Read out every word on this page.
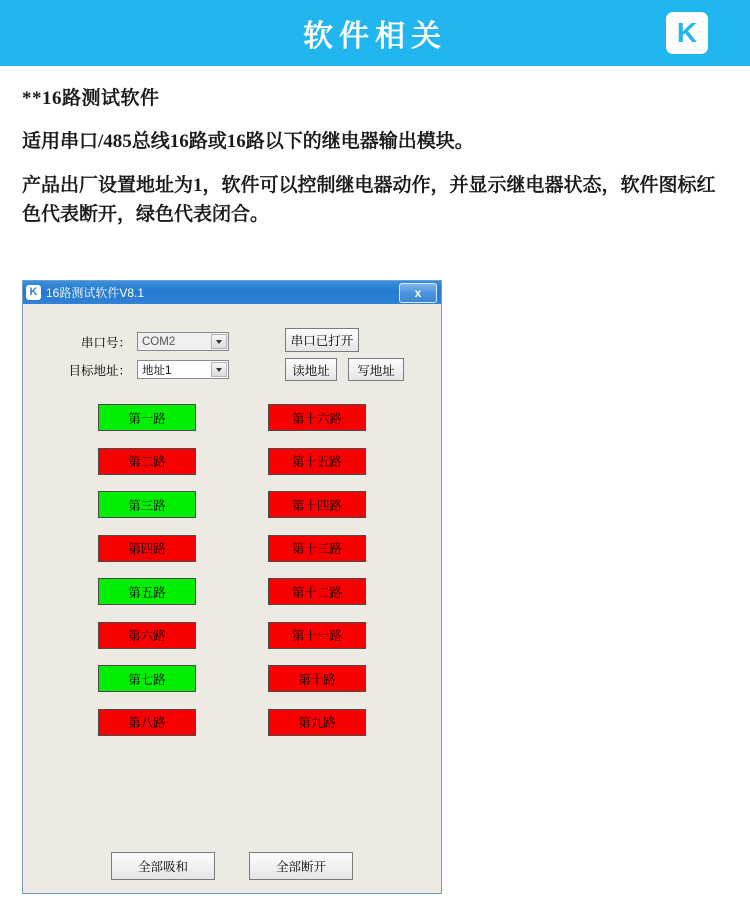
软件相关	K

**16路测试软件

适用串口/485总线16路或16路以下的继电器输出模块。

产品出厂设置地址为1，软件可以控制继电器动作，并显示继电器状态，软件图标红色代表断开，绿色代表闭合。

K 16路测试软件V8.1	x
串口号： COM2
目标地址： 地址1
串口已打开
读地址	写地址
第一路	第十六路
第二路	第十五路
第三路	第十四路
第四路	第十三路
第五路	第十二路
第六路	第十一路
第七路	第十路
第八路	第九路
全部吸和	全部断开
